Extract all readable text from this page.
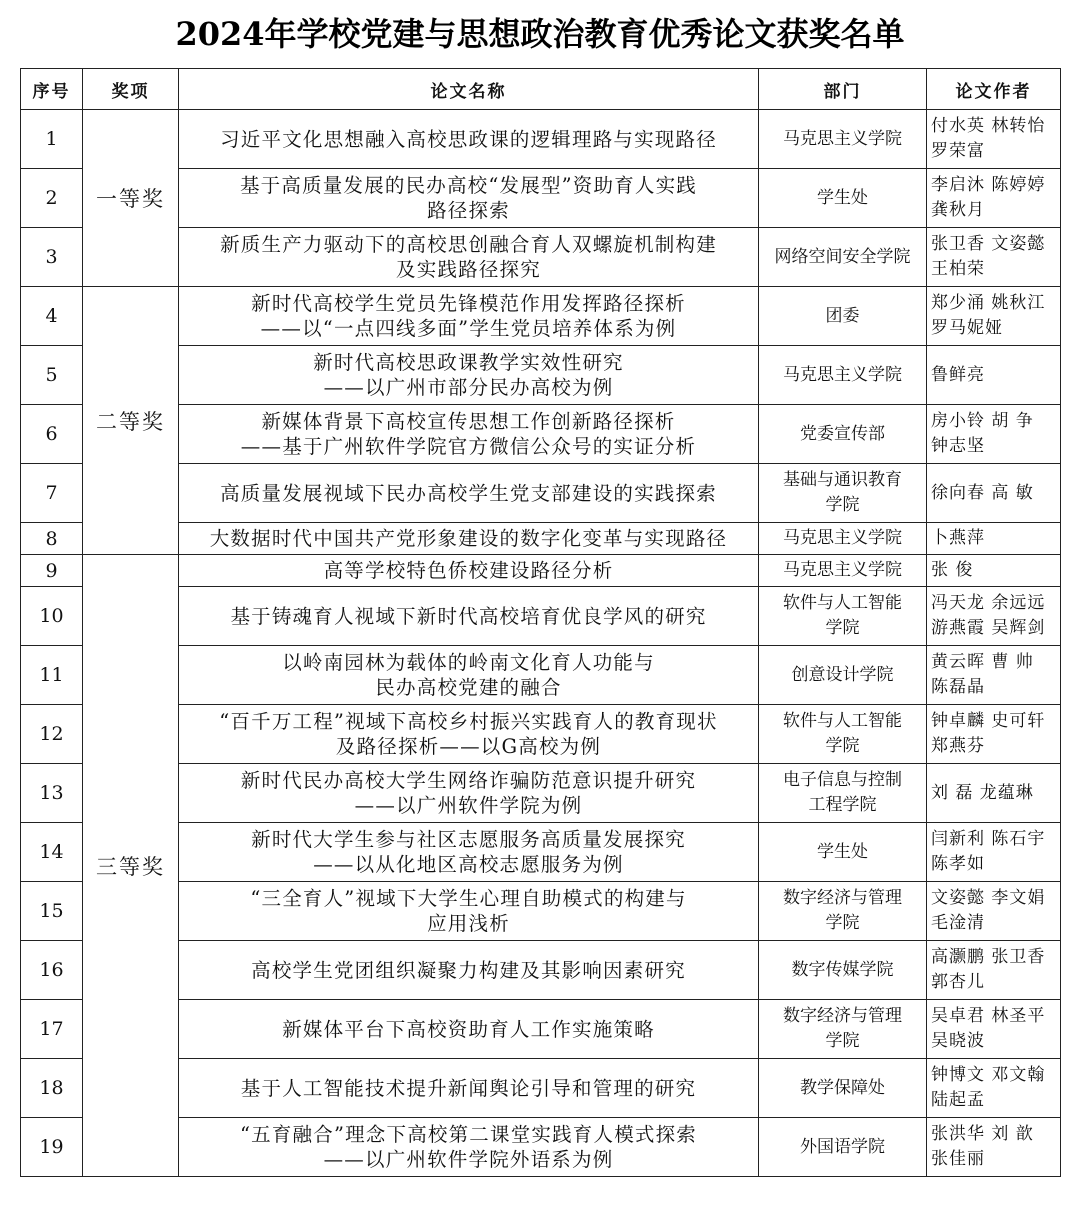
2024年学校党建与思想政治教育优秀论文获奖名单
序号	奖项	论文名称	部门	论文作者
1	一等奖	习近平文化思想融入高校思政课的逻辑理路与实现路径	马克思主义学院	付水英 林转怡
罗荣富

2		基于高质量发展的民办高校“发展型”资助育人实践
路径探索	学生处	李启沐 陈婷婷
龚秋月

3		新质生产力驱动下的高校思创融合育人双螺旋机制构建
及实践路径探究	网络空间安全学院	张卫香 文姿懿
王柏荣

4	二等奖	新时代高校学生党员先锋模范作用发挥路径探析
——以“一点四线多面”学生党员培养体系为例	团委	郑少涌 姚秋江
罗马妮娅

5		新时代高校思政课教学实效性研究
——以广州市部分民办高校为例	马克思主义学院	鲁鲜亮

6		新媒体背景下高校宣传思想工作创新路径探析
——基于广州软件学院官方微信公众号的实证分析	党委宣传部	房小铃 胡 争
钟志坚

7		高质量发展视域下民办高校学生党支部建设的实践探索	基础与通识教育
学院	徐向春 高 敏

8		大数据时代中国共产党形象建设的数字化变革与实现路径	马克思主义学院	卜燕萍

9	三等奖	高等学校特色侨校建设路径分析	马克思主义学院	张 俊

10		基于铸魂育人视域下新时代高校培育优良学风的研究	软件与人工智能
学院	冯天龙 余远远
游燕霞 吴辉剑

11		以岭南园林为载体的岭南文化育人功能与
民办高校党建的融合	创意设计学院	黄云晖 曹 帅
陈磊晶

12		“百千万工程”视域下高校乡村振兴实践育人的教育现状
及路径探析——以G高校为例	软件与人工智能
学院	钟卓麟 史可轩
郑燕芬

13		新时代民办高校大学生网络诈骗防范意识提升研究
——以广州软件学院为例	电子信息与控制
工程学院	刘 磊 龙蕴琳

14		新时代大学生参与社区志愿服务高质量发展探究
——以从化地区高校志愿服务为例	学生处	闫新利 陈石宇
陈孝如

15		“三全育人”视域下大学生心理自助模式的构建与
应用浅析	数字经济与管理
学院	文姿懿 李文娟
毛淦清

16		高校学生党团组织凝聚力构建及其影响因素研究	数字传媒学院	高灏鹏 张卫香
郭杏儿

17		新媒体平台下高校资助育人工作实施策略	数字经济与管理
学院	吴卓君 林圣平
吴晓波

18		基于人工智能技术提升新闻舆论引导和管理的研究	教学保障处	钟博文 邓文翰
陆起孟

19		“五育融合”理念下高校第二课堂实践育人模式探索
——以广州软件学院外语系为例	外国语学院	张洪华 刘 歆
张佳丽
